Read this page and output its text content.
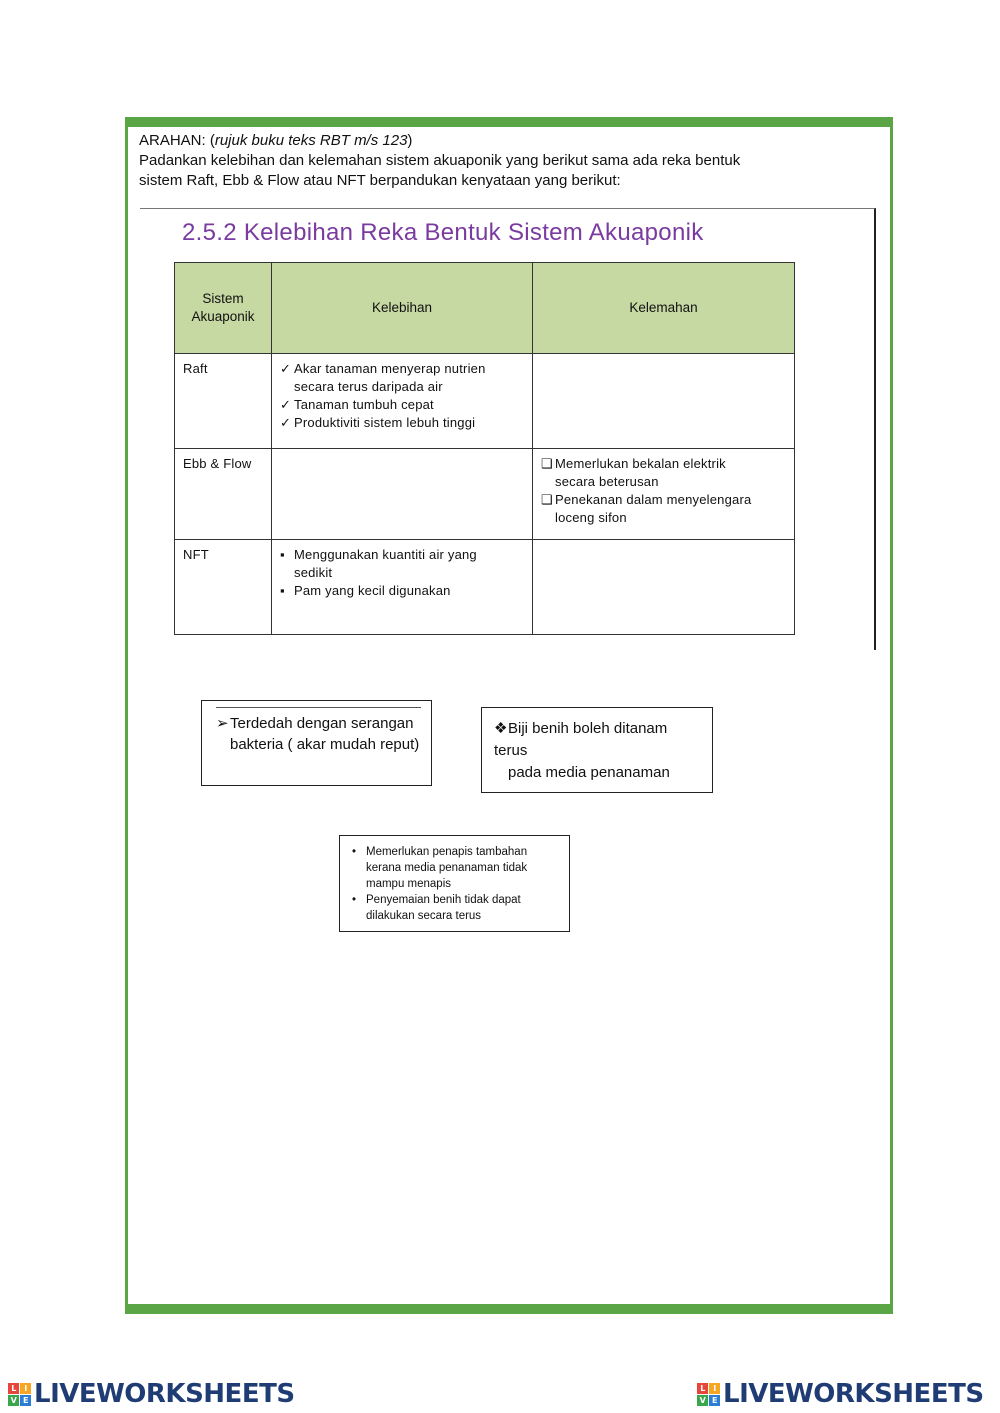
ARAHAN: (rujuk buku teks RBT m/s 123)
Padankan kelebihan dan kelemahan sistem akuaponik yang berikut sama ada reka bentuk
sistem Raft, Ebb & Flow atau NFT berpandukan kenyataan yang berikut:
2.5.2 Kelebihan Reka Bentuk Sistem Akuaponik
Sistem
Akuaponik	Kelebihan	Kelemahan
Raft	✓ Akar tanaman menyerap nutrien
secara terus daripada air
✓ Tanaman tumbuh cepat
✓ Produktiviti sistem lebuh tinggi	

Ebb & Flow		❑ Memerlukan bekalan elektrik
secara beterusan
❑ Penekanan dalam menyelengara
loceng sifon

NFT	▪ Menggunakan kuantiti air yang
sedikit
▪ Pam yang kecil digunakan	

➢Terdedah dengan serangan
bakteria ( akar mudah reput)
❖Biji benih boleh ditanam terus
pada media penanaman
• Memerlukan penapis tambahan
kerana media penanaman tidak
mampu menapis
• Penyemaian benih tidak dapat
dilakukan secara terus
L	I
V E LIVEWORKSHEETS	L	I
V E LIVEWORKSHEETS
